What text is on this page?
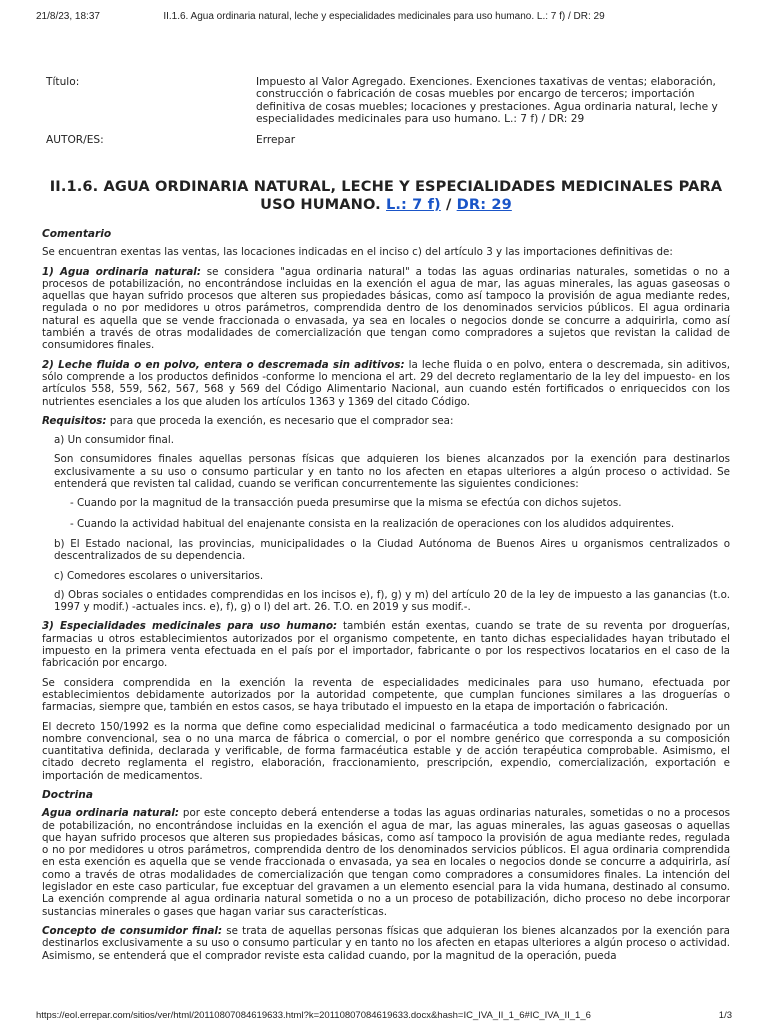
21/8/23, 18:37	II.1.6. Agua ordinaria natural, leche y especialidades medicinales para uso humano. L.: 7 f) / DR: 29
Título:	Impuesto al Valor Agregado. Exenciones. Exenciones taxativas de ventas; elaboración, construcción o fabricación de cosas muebles por encargo de terceros; importación definitiva de cosas muebles; locaciones y prestaciones. Agua ordinaria natural, leche y especialidades medicinales para uso humano. L.: 7 f) / DR: 29
AUTOR/ES:	Errepar
II.1.6. AGUA ORDINARIA NATURAL, LECHE Y ESPECIALIDADES MEDICINALES PARA USO HUMANO. L.: 7 f) / DR: 29
Comentario

Se encuentran exentas las ventas, las locaciones indicadas en el inciso c) del artículo 3 y las importaciones definitivas de:

1) Agua ordinaria natural: se considera "agua ordinaria natural" a todas las aguas ordinarias naturales, sometidas o no a procesos de potabilización, no encontrándose incluidas en la exención el agua de mar, las aguas minerales, las aguas gaseosas o aquellas que hayan sufrido procesos que alteren sus propiedades básicas, como así tampoco la provisión de agua mediante redes, regulada o no por medidores u otros parámetros, comprendida dentro de los denominados servicios públicos. El agua ordinaria natural es aquella que se vende fraccionada o envasada, ya sea en locales o negocios donde se concurre a adquirirla, como así también a través de otras modalidades de comercialización que tengan como compradores a sujetos que revistan la calidad de consumidores finales.

2) Leche fluida o en polvo, entera o descremada sin aditivos: la leche fluida o en polvo, entera o descremada, sin aditivos, sólo comprende a los productos definidos -conforme lo menciona el art. 29 del decreto reglamentario de la ley del impuesto- en los artículos 558, 559, 562, 567, 568 y 569 del Código Alimentario Nacional, aun cuando estén fortificados o enriquecidos con los nutrientes esenciales a los que aluden los artículos 1363 y 1369 del citado Código.

Requisitos: para que proceda la exención, es necesario que el comprador sea:

a) Un consumidor final.

Son consumidores finales aquellas personas físicas que adquieren los bienes alcanzados por la exención para destinarlos exclusivamente a su uso o consumo particular y en tanto no los afecten en etapas ulteriores a algún proceso o actividad. Se entenderá que revisten tal calidad, cuando se verifican concurrentemente las siguientes condiciones:

- Cuando por la magnitud de la transacción pueda presumirse que la misma se efectúa con dichos sujetos.

- Cuando la actividad habitual del enajenante consista en la realización de operaciones con los aludidos adquirentes.

b) El Estado nacional, las provincias, municipalidades o la Ciudad Autónoma de Buenos Aires u organismos centralizados o descentralizados de su dependencia.

c) Comedores escolares o universitarios.

d) Obras sociales o entidades comprendidas en los incisos e), f), g) y m) del artículo 20 de la ley de impuesto a las ganancias (t.o. 1997 y modif.) -actuales incs. e), f), g) o l) del art. 26. T.O. en 2019 y sus modif.-.

3) Especialidades medicinales para uso humano: también están exentas, cuando se trate de su reventa por droguerías, farmacias u otros establecimientos autorizados por el organismo competente, en tanto dichas especialidades hayan tributado el impuesto en la primera venta efectuada en el país por el importador, fabricante o por los respectivos locatarios en el caso de la fabricación por encargo.

Se considera comprendida en la exención la reventa de especialidades medicinales para uso humano, efectuada por establecimientos debidamente autorizados por la autoridad competente, que cumplan funciones similares a las droguerías o farmacias, siempre que, también en estos casos, se haya tributado el impuesto en la etapa de importación o fabricación.

El decreto 150/1992 es la norma que define como especialidad medicinal o farmacéutica a todo medicamento designado por un nombre convencional, sea o no una marca de fábrica o comercial, o por el nombre genérico que corresponda a su composición cuantitativa definida, declarada y verificable, de forma farmacéutica estable y de acción terapéutica comprobable. Asimismo, el citado decreto reglamenta el registro, elaboración, fraccionamiento, prescripción, expendio, comercialización, exportación e importación de medicamentos.

Doctrina

Agua ordinaria natural: por este concepto deberá entenderse a todas las aguas ordinarias naturales, sometidas o no a procesos de potabilización, no encontrándose incluidas en la exención el agua de mar, las aguas minerales, las aguas gaseosas o aquellas que hayan sufrido procesos que alteren sus propiedades básicas, como así tampoco la provisión de agua mediante redes, regulada o no por medidores u otros parámetros, comprendida dentro de los denominados servicios públicos. El agua ordinaria comprendida en esta exención es aquella que se vende fraccionada o envasada, ya sea en locales o negocios donde se concurre a adquirirla, así como a través de otras modalidades de comercialización que tengan como compradores a consumidores finales. La intención del legislador en este caso particular, fue exceptuar del gravamen a un elemento esencial para la vida humana, destinado al consumo. La exención comprende al agua ordinaria natural sometida o no a un proceso de potabilización, dicho proceso no debe incorporar sustancias minerales o gases que hagan variar sus características.

Concepto de consumidor final: se trata de aquellas personas físicas que adquieran los bienes alcanzados por la exención para destinarlos exclusivamente a su uso o consumo particular y en tanto no los afecten en etapas ulteriores a algún proceso o actividad. Asimismo, se entenderá que el comprador reviste esta calidad cuando, por la magnitud de la operación, pueda

https://eol.errepar.com/sitios/ver/html/20110807084619633.html?k=20110807084619633.docx&hash=IC_IVA_II_1_6#IC_IVA_II_1_6	1/3
